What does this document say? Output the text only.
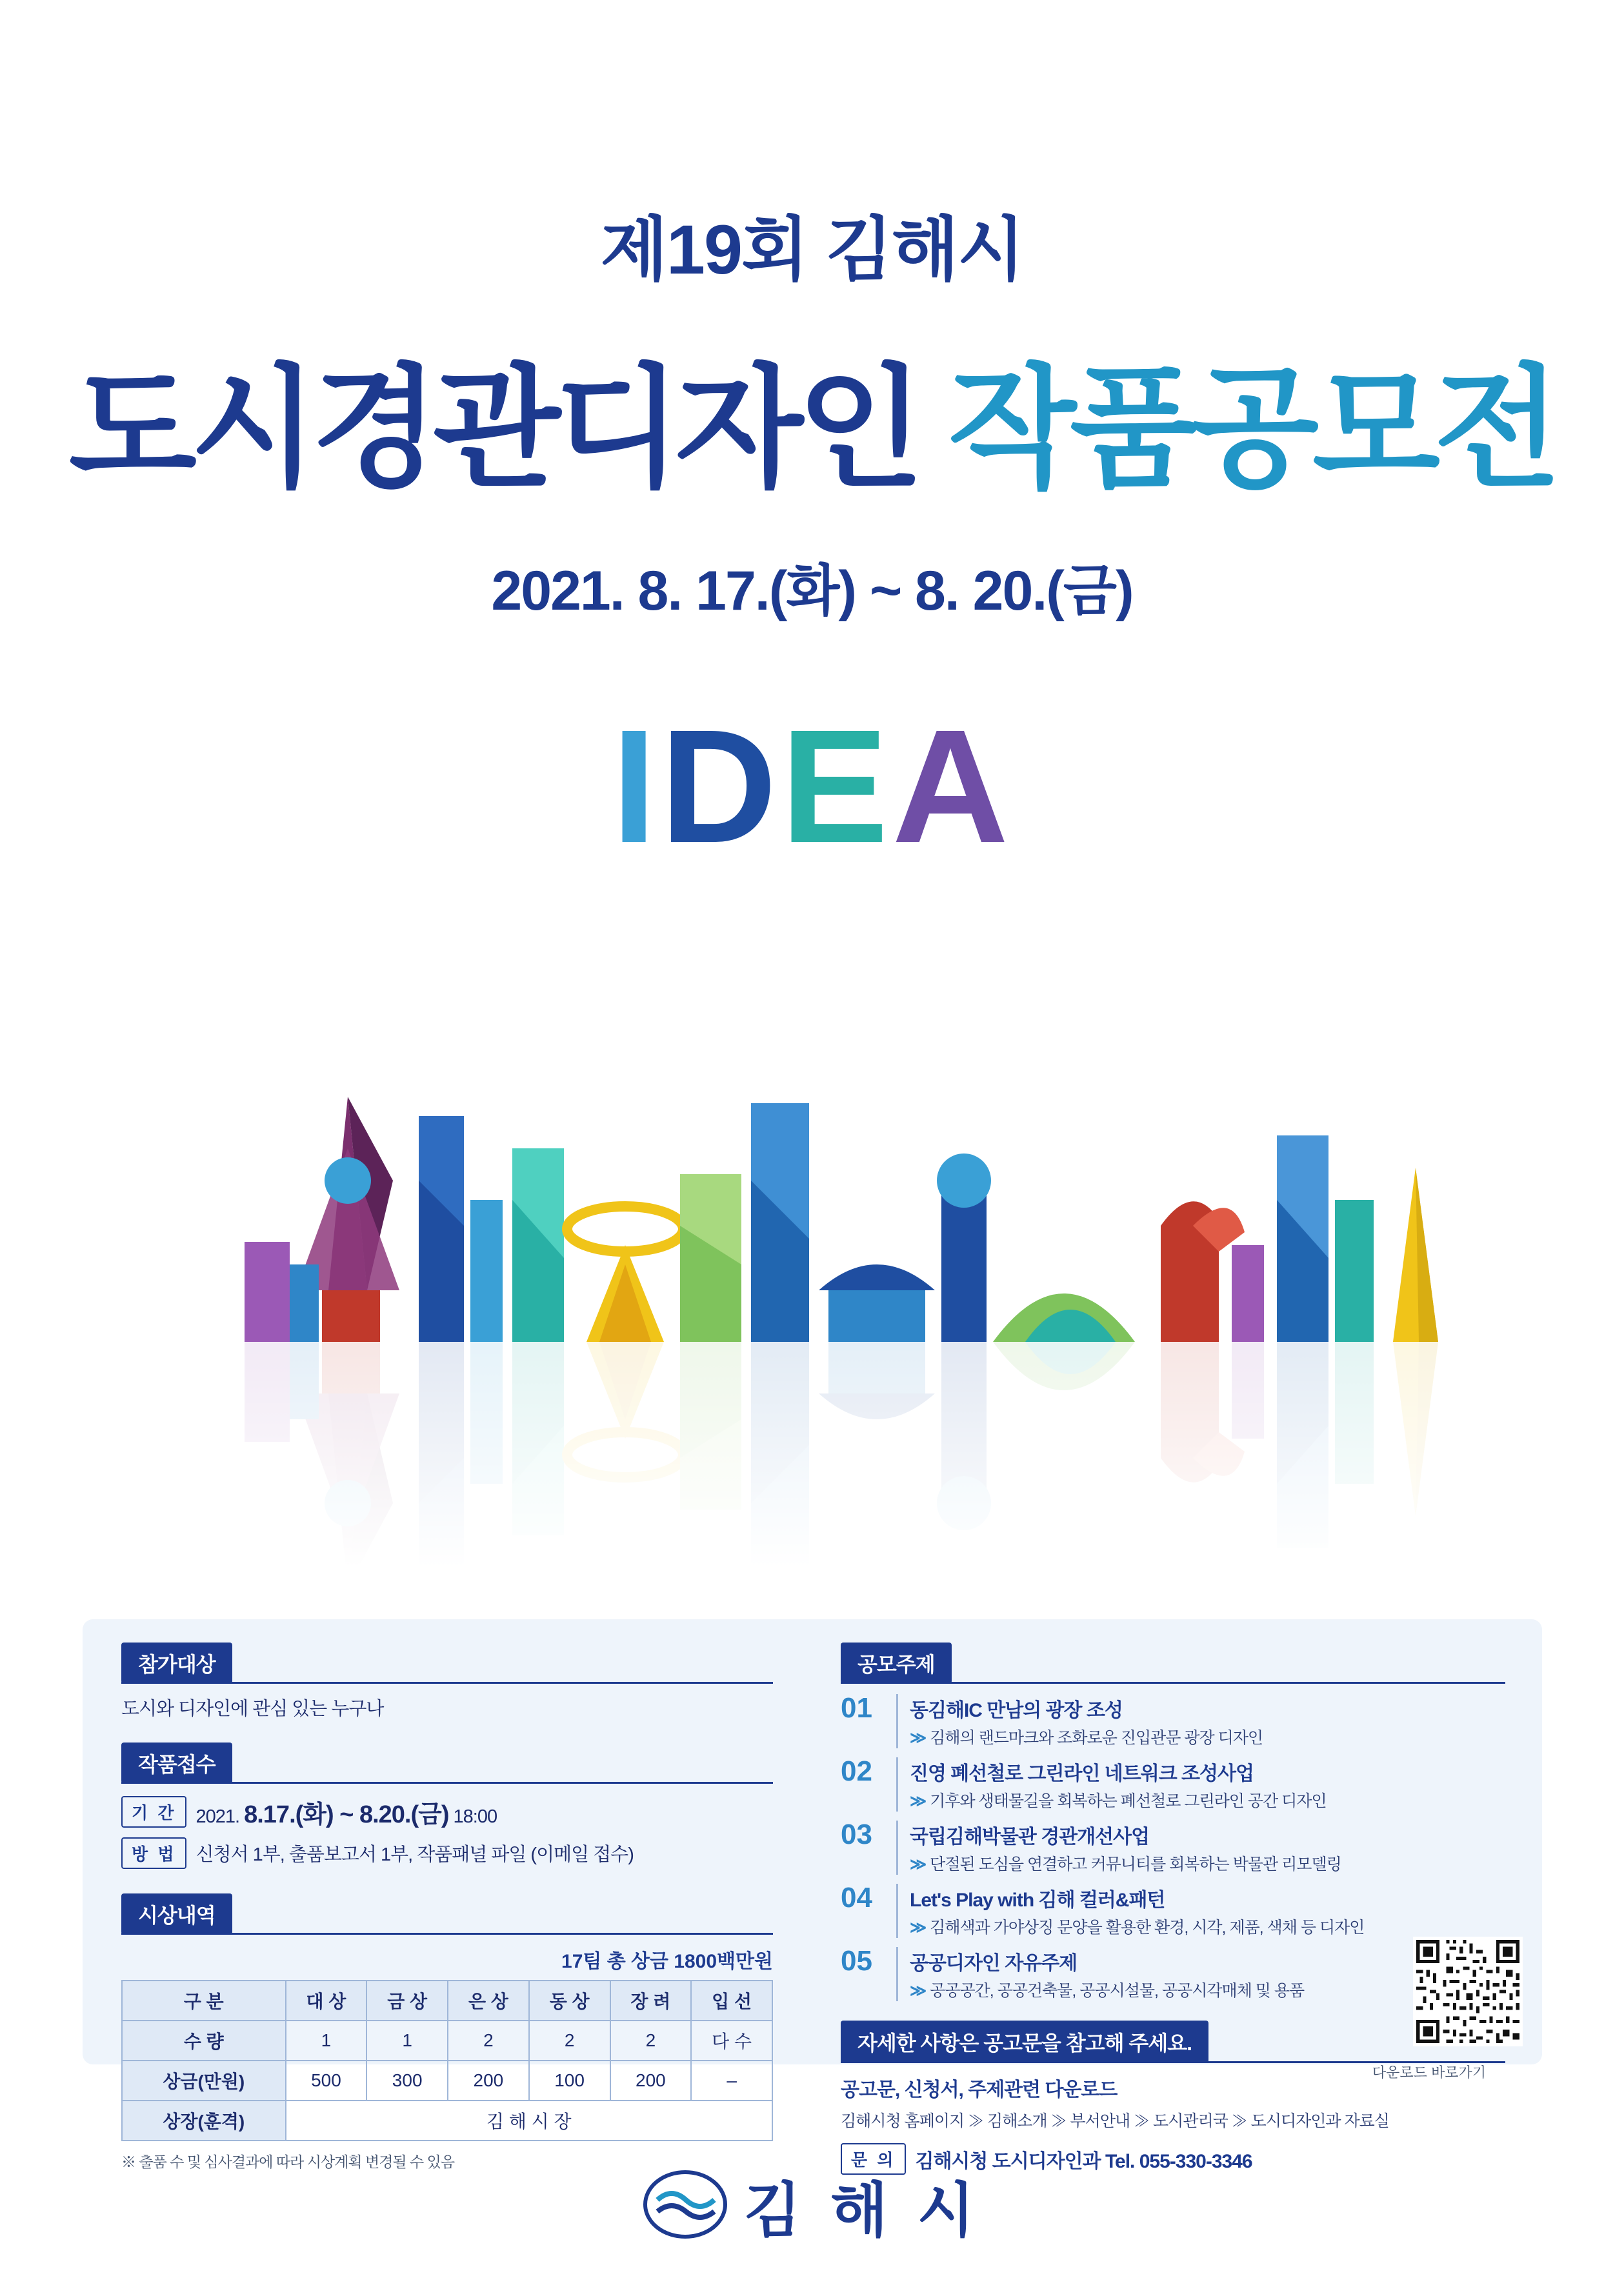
제19회 김해시
도시경관디자인 작품공모전
2021. 8. 17.(화) ~ 8. 20.(금)
IDEA
참가대상
도시와 디자인에 관심 있는 누구나
작품접수
기 간	2021. 8.17.(화) ~ 8.20.(금) 18:00
방 법	신청서 1부, 출품보고서 1부, 작품패널 파일 (이메일 접수)
시상내역
17팀 총 상금 1800백만원
구 분	대 상	금 상	은 상	동 상	장 려	입 선
수 량	1	1	2	2	2	다 수
상금(만원)	500	300	200	100	200	–
상장(훈격)	김 해 시 장					
※ 출품 수 및 심사결과에 따라 시상계획 변경될 수 있음
공모주제
01	동김해IC 만남의 광장 조성
≫ 김해의 랜드마크와 조화로운 진입관문 광장 디자인
02	진영 폐선철로 그린라인 네트워크 조성사업
≫ 기후와 생태물길을 회복하는 폐선철로 그린라인 공간 디자인
03	국립김해박물관 경관개선사업
≫ 단절된 도심을 연결하고 커뮤니티를 회복하는 박물관 리모델링
04	Let's Play with 김해 컬러&패턴
≫ 김해색과 가야상징 문양을 활용한 환경, 시각, 제품, 색채 등 디자인
05	공공디자인 자유주제
≫ 공공공간, 공공건축물, 공공시설물, 공공시각매체 및 용품
자세한 사항은 공고문을 참고해 주세요.
다운로드 바로가기
공고문, 신청서, 주제관련 다운로드
김해시청 홈페이지 ≫ 김해소개 ≫ 부서안내 ≫ 도시관리국 ≫ 도시디자인과 자료실
문 의	김해시청 도시디자인과 Tel. 055-330-3346
김 해 시
